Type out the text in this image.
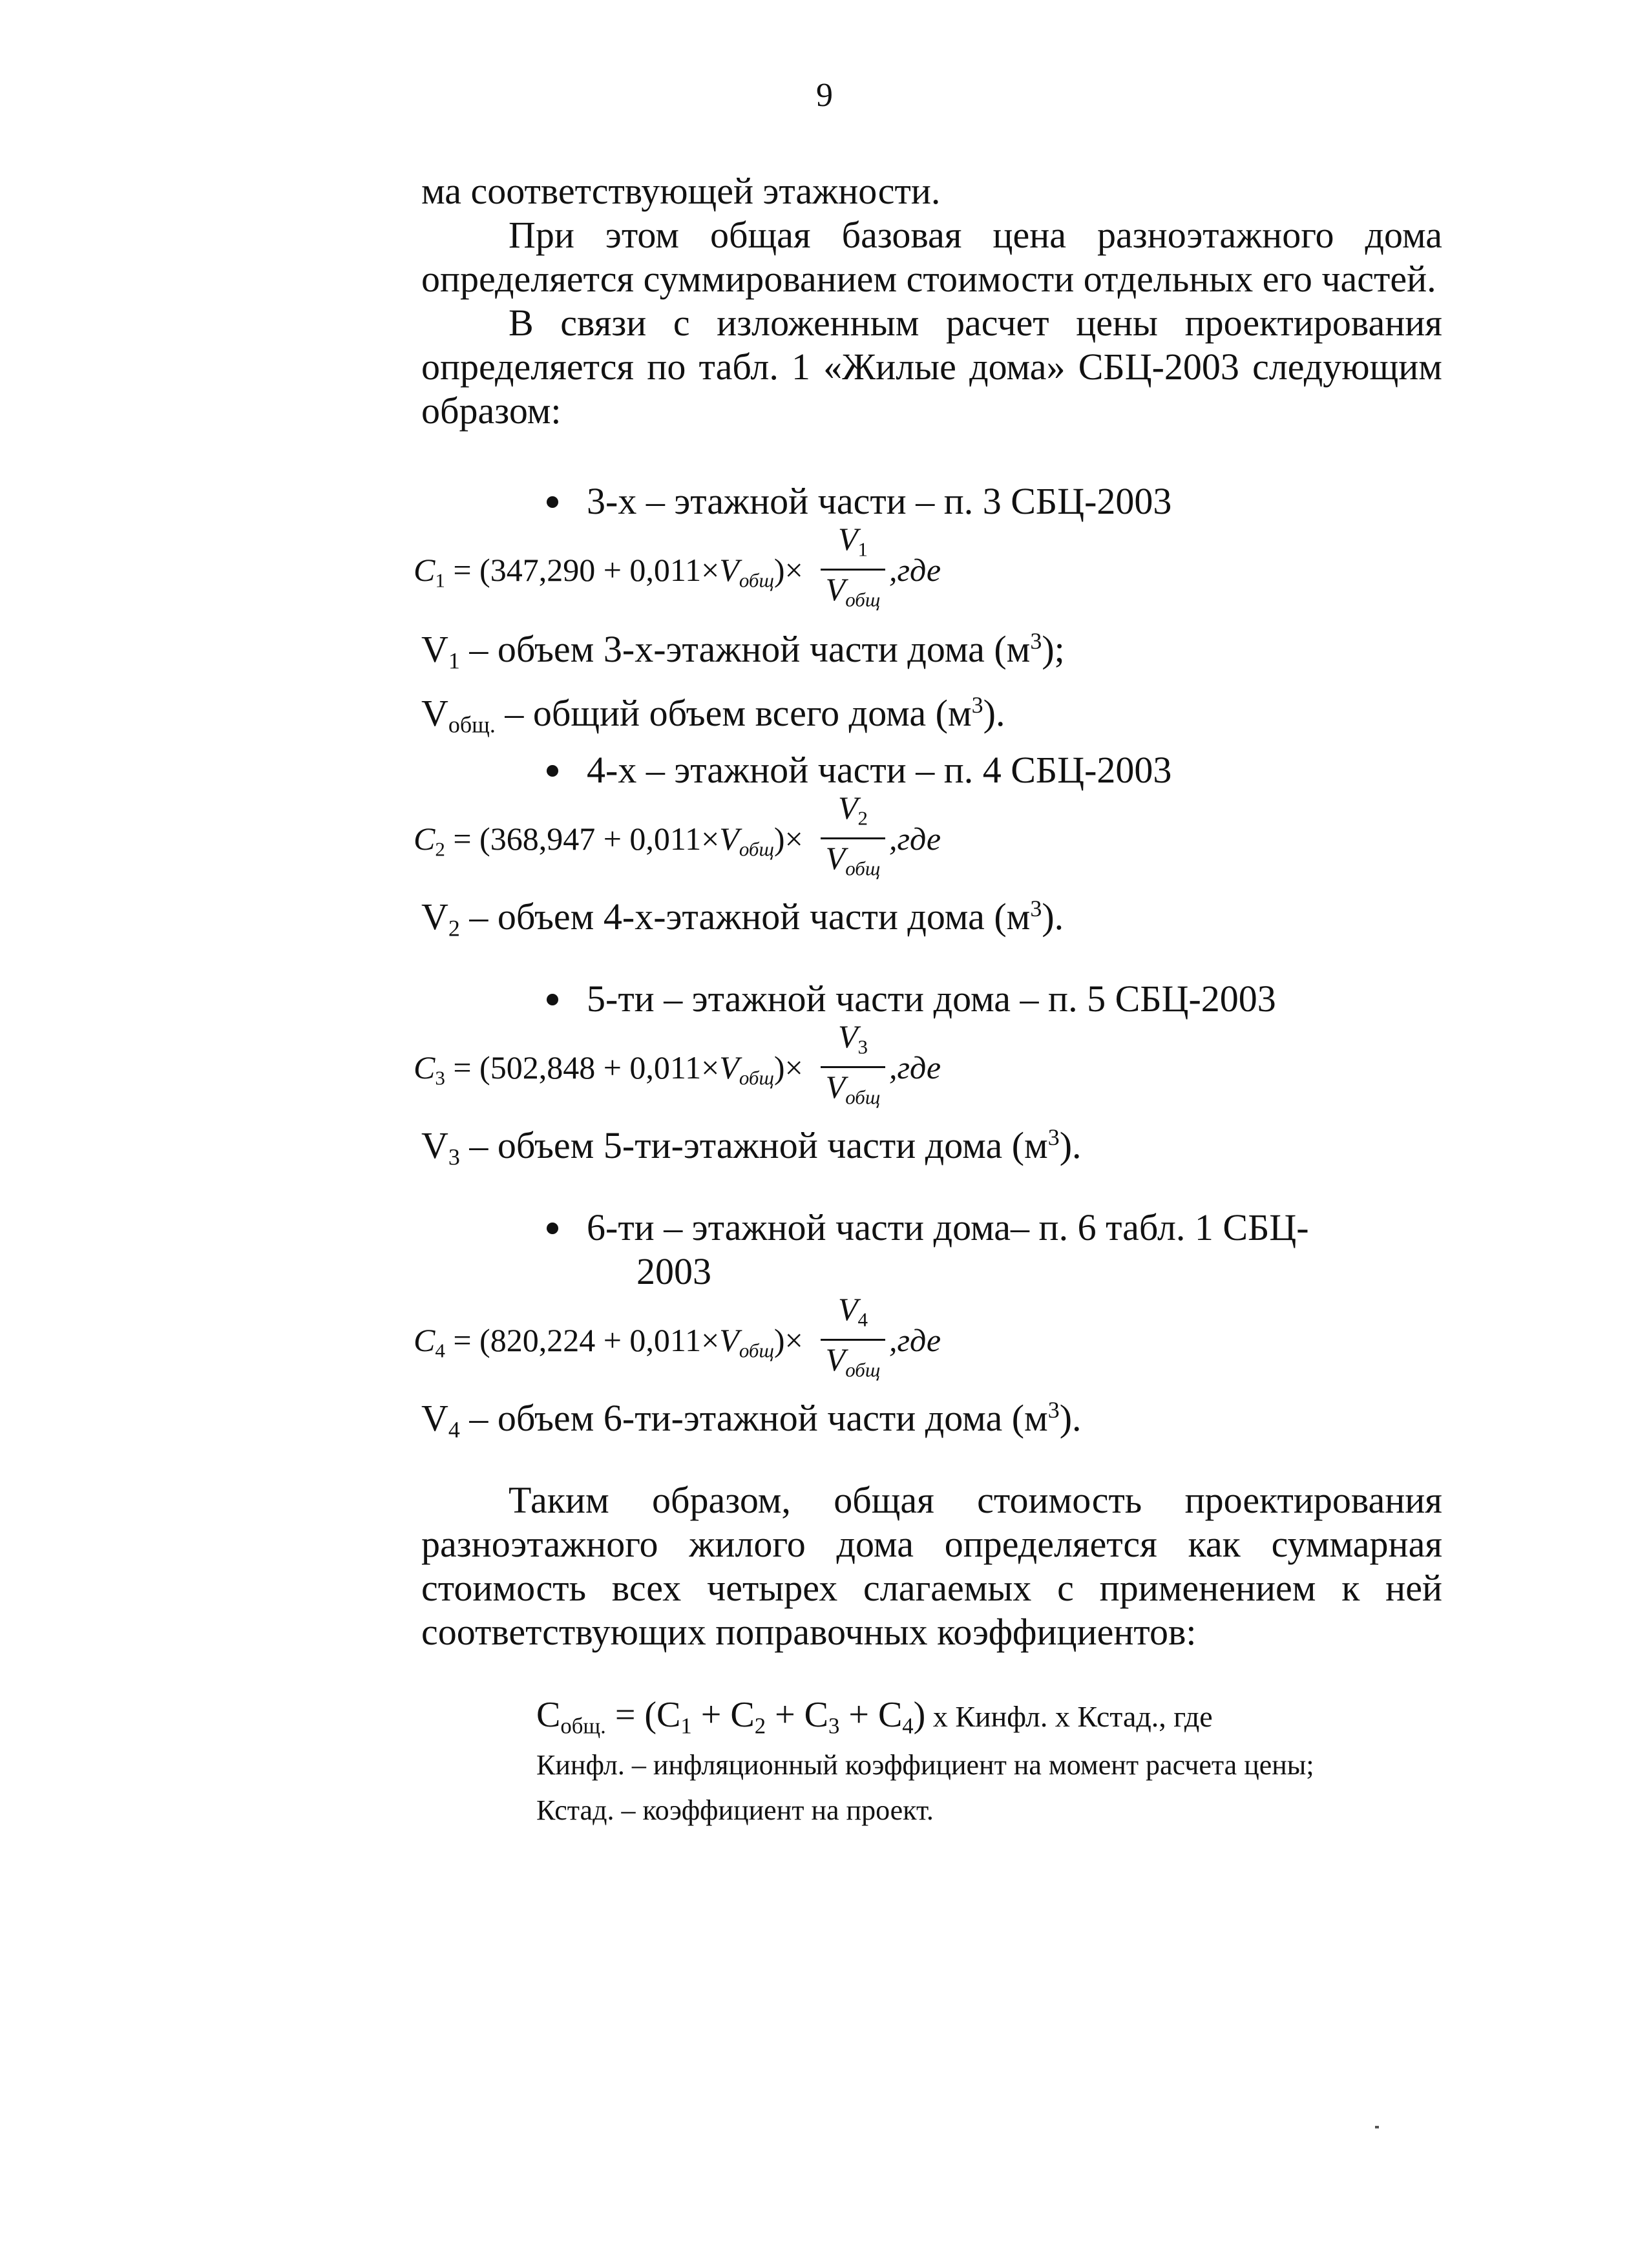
9

ма соответствующей этажности.

При этом общая базовая цена разноэтажного дома определяется суммированием стоимости отдельных его частей.

В связи с изложенным расчет цены проектирования определяется по табл. 1 «Жилые дома» СБЦ-2003 следующим образом:

3-х – этажной части – п. 3 СБЦ-2003
$C_1 = (347,290 + 0,011\times V_{общ})\times$
$V_1$
$V_{общ}$
,где

$V_1$ – объем 3-х-этажной части дома $(м^3)$;

$V_{общ.}$ – общий объем всего дома $(м^3)$.

4-х – этажной части – п. 4 СБЦ-2003
$C_2 = (368,947 + 0,011\times V_{общ})\times$
$V_2$
$V_{общ}$
,где

$V_2$ – объем 4-х-этажной части дома $(м^3)$.

5-ти – этажной части дома – п. 5 СБЦ-2003
$C_3 = (502,848 + 0,011\times V_{общ})\times$
$V_3$
$V_{общ}$
,где

$V_3$ – объем 5-ти-этажной части дома $(м^3)$.

6-ти – этажной части дома– п. 6 табл. 1 СБЦ-
2003
$C_4 = (820,224 + 0,011\times V_{общ})\times$
$V_4$
$V_{общ}$
,где

$V_4$ – объем 6-ти-этажной части дома $(м^3)$.

Таким образом, общая стоимость проектирования разноэтажного жилого дома определяется как суммарная стоимость всех четырех слагаемых с применением к ней соответствующих поправочных коэффициентов:

$С_{общ.} = (С_1 + С_2 + С_3 + С_4)$ х Кинфл. х Кстад., где
Кинфл. – инфляционный коэффициент на момент расчета цены;
Кстад. – коэффициент на проект.
